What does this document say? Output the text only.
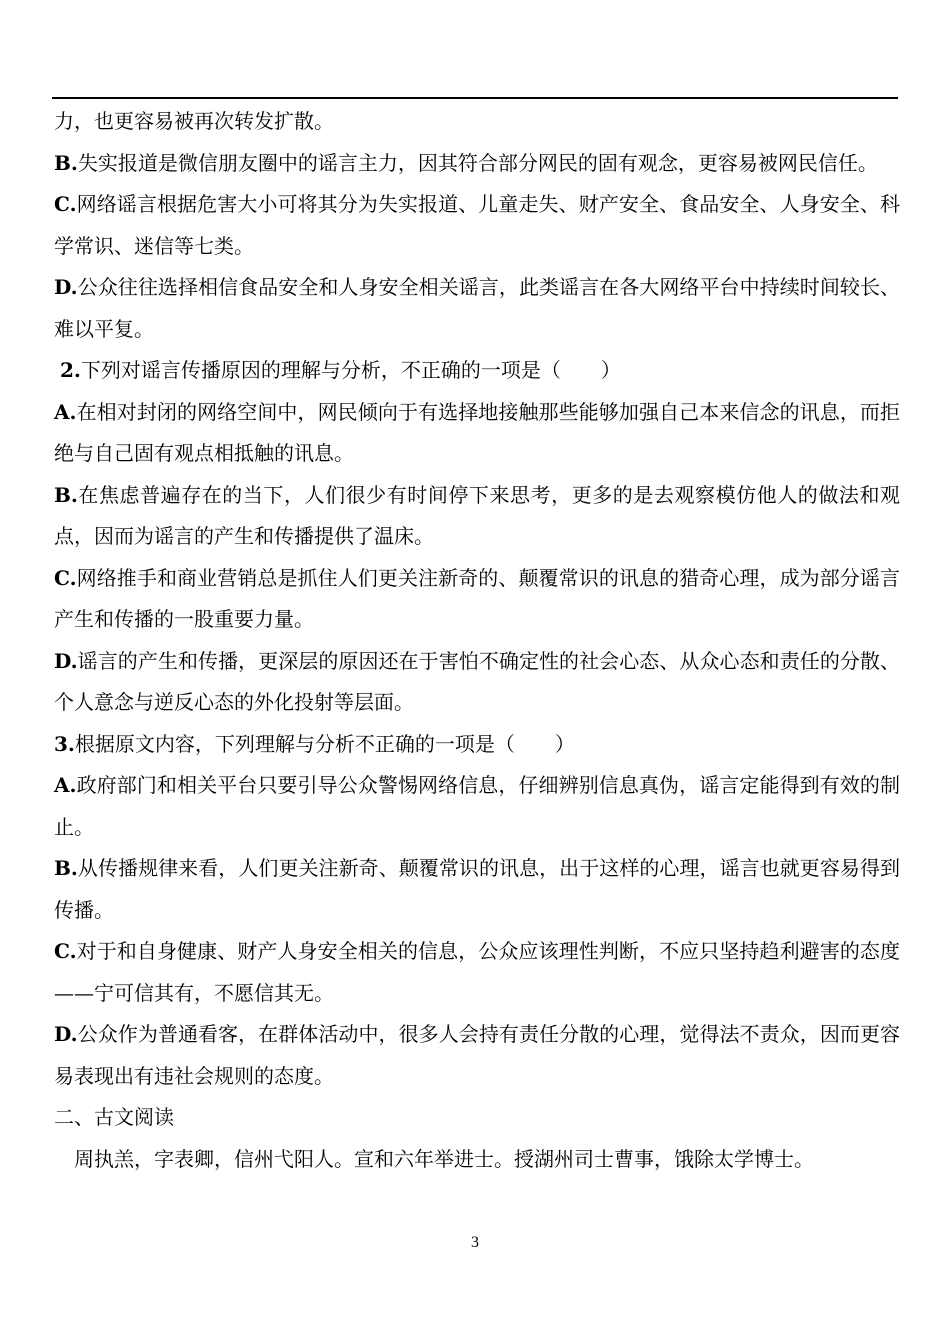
力，也更容易被再次转发扩散。

B.失实报道是微信朋友圈中的谣言主力，因其符合部分网民的固有观念，更容易被网民信任。

C.网络谣言根据危害大小可将其分为失实报道、儿童走失、财产安全、食品安全、人身安全、科学常识、迷信等七类。

D.公众往往选择相信食品安全和人身安全相关谣言，此类谣言在各大网络平台中持续时间较长、难以平复。

2.下列对谣言传播原因的理解与分析，不正确的一项是（　　）

A.在相对封闭的网络空间中，网民倾向于有选择地接触那些能够加强自己本来信念的讯息，而拒绝与自己固有观点相抵触的讯息。

B.在焦虑普遍存在的当下，人们很少有时间停下来思考，更多的是去观察模仿他人的做法和观点，因而为谣言的产生和传播提供了温床。

C.网络推手和商业营销总是抓住人们更关注新奇的、颠覆常识的讯息的猎奇心理，成为部分谣言产生和传播的一股重要力量。

D.谣言的产生和传播，更深层的原因还在于害怕不确定性的社会心态、从众心态和责任的分散、个人意念与逆反心态的外化投射等层面。

3.根据原文内容，下列理解与分析不正确的一项是（　　）

A.政府部门和相关平台只要引导公众警惕网络信息，仔细辨别信息真伪，谣言定能得到有效的制止。

B.从传播规律来看，人们更关注新奇、颠覆常识的讯息，出于这样的心理，谣言也就更容易得到传播。

C.对于和自身健康、财产人身安全相关的信息，公众应该理性判断，不应只坚持趋利避害的态度——宁可信其有，不愿信其无。

D.公众作为普通看客，在群体活动中，很多人会持有责任分散的心理，觉得法不责众，因而更容易表现出有违社会规则的态度。

二、古文阅读

周执羔，字表卿，信州弋阳人。宣和六年举进士。授湖州司士曹事，饿除太学博士。

3
